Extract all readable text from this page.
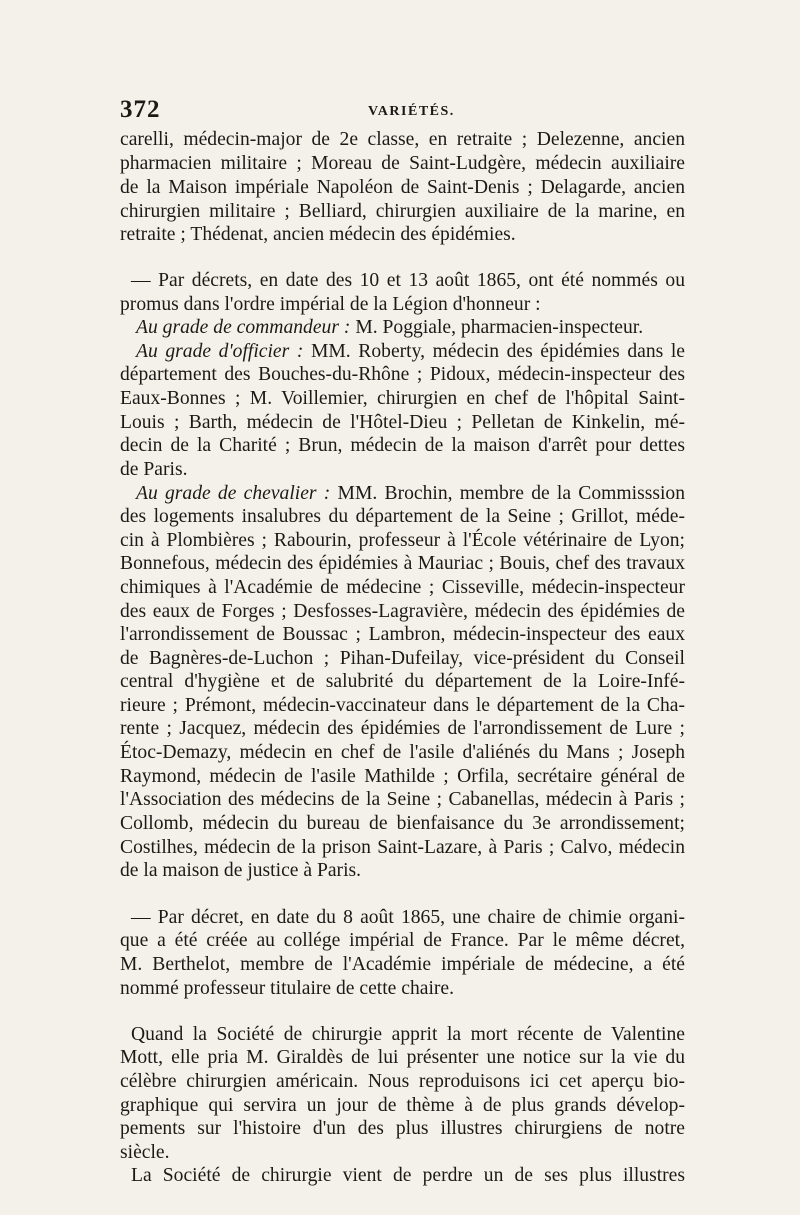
372	VARIÉTÉS.
carelli, médecin-major de 2e classe, en retraite ; Delezenne, ancien
pharmacien militaire ; Moreau de Saint-Ludgère, médecin auxiliaire
de la Maison impériale Napoléon de Saint-Denis ; Delagarde, ancien
chirurgien militaire ; Belliard, chirurgien auxiliaire de la marine, en
retraite ; Thédenat, ancien médecin des épidémies.
— Par décrets, en date des 10 et 13 août 1865, ont été nommés ou
promus dans l'ordre impérial de la Légion d'honneur :
Au grade de commandeur : M. Poggiale, pharmacien-inspecteur.
Au grade d'officier : MM. Roberty, médecin des épidémies dans le
département des Bouches-du-Rhône ; Pidoux, médecin-inspecteur des
Eaux-Bonnes ; M. Voillemier, chirurgien en chef de l'hôpital Saint-
Louis ; Barth, médecin de l'Hôtel-Dieu ; Pelletan de Kinkelin, mé-
decin de la Charité ; Brun, médecin de la maison d'arrêt pour dettes
de Paris.
Au grade de chevalier : MM. Brochin, membre de la Commisssion
des logements insalubres du département de la Seine ; Grillot, méde-
cin à Plombières ; Rabourin, professeur à l'École vétérinaire de Lyon;
Bonnefous, médecin des épidémies à Mauriac ; Bouis, chef des travaux
chimiques à l'Académie de médecine ; Cisseville, médecin-inspecteur
des eaux de Forges ; Desfosses-Lagravière, médecin des épidémies de
l'arrondissement de Boussac ; Lambron, médecin-inspecteur des eaux
de Bagnères-de-Luchon ; Pihan-Dufeilay, vice-président du Conseil
central d'hygiène et de salubrité du département de la Loire-Infé-
rieure ; Prémont, médecin-vaccinateur dans le département de la Cha-
rente ; Jacquez, médecin des épidémies de l'arrondissement de Lure ;
Étoc-Demazy, médecin en chef de l'asile d'aliénés du Mans ; Joseph
Raymond, médecin de l'asile Mathilde ; Orfila, secrétaire général de
l'Association des médecins de la Seine ; Cabanellas, médecin à Paris ;
Collomb, médecin du bureau de bienfaisance du 3e arrondissement;
Costilhes, médecin de la prison Saint-Lazare, à Paris ; Calvo, médecin
de la maison de justice à Paris.
— Par décret, en date du 8 août 1865, une chaire de chimie organi-
que a été créée au collége impérial de France. Par le même décret,
M. Berthelot, membre de l'Académie impériale de médecine, a été
nommé professeur titulaire de cette chaire.
Quand la Société de chirurgie apprit la mort récente de Valentine
Mott, elle pria M. Giraldès de lui présenter une notice sur la vie du
célèbre chirurgien américain. Nous reproduisons ici cet aperçu bio-
graphique qui servira un jour de thème à de plus grands dévelop-
pements sur l'histoire d'un des plus illustres chirurgiens de notre
siècle.
La Société de chirurgie vient de perdre un de ses plus illustres
